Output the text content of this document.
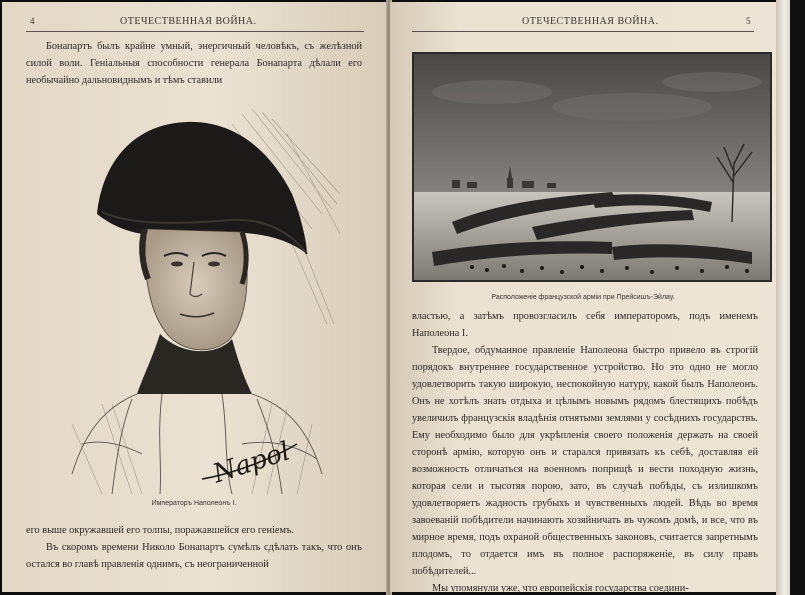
4	ОТЕЧЕСТВЕННАЯ ВОЙНА.

Бонапартъ былъ крайне умный, энергичный человѣкъ, съ желѣзной силой воли. Геніальныя способности генерала Бонапарта дѣлали его необычайно дальновиднымъ и тѣмъ ставили

Napol
Императоръ Наполеонъ I.

его выше окружавшей его толпы, поражавшейся его геніемъ.

Въ скоромъ времени Николо Бонапартъ сумѣлъ сдѣлать такъ, что онъ остался во главѣ правленія однимъ, съ неограниченной

ОТЕЧЕСТВЕННАЯ ВОЙНА.	5
Расположеніе французской арміи при Прейсишъ-Эйлау.

властью, а затѣмъ провозгласилъ себя императоромъ, подъ именемъ Наполеона I.

Твердое, обдуманное правленіе Наполеона быстро привело въ строгій порядокъ внутреннее государственное устройство. Но это одно не могло удовлетворить такую широкую, неспокойную натуру, какой былъ Наполеонъ. Онъ не хотѣлъ знать отдыха и цѣлымъ новымъ рядомъ блестящихъ побѣдъ увеличилъ французскія владѣнія отнятыми землями у сосѣднихъ государствъ. Ему необходимо было для укрѣпленія своего положенія держать на своей сторонѣ армію, которую онъ и старался привязать къ себѣ, доставляя ей возможность отличаться на военномъ поприщѣ и вести походную жизнь, которая сели и тысотяя порою, зато, въ случаѣ побѣды, съ излишкомъ удовлетворяетъ жадность грубыхъ и чувственныхъ людей. Вѣдь во время завоеваній побѣдители начинають хозяйничать въ чужомъ домѣ, и все, что въ мирное время, подъ охраной общественныхъ законовъ, считается запретнымъ плодомъ, то отдается имъ въ полное распоряженіе, въ силу правъ побѣдителей...

Мы упомянули уже, что европейскія государства соедини-
